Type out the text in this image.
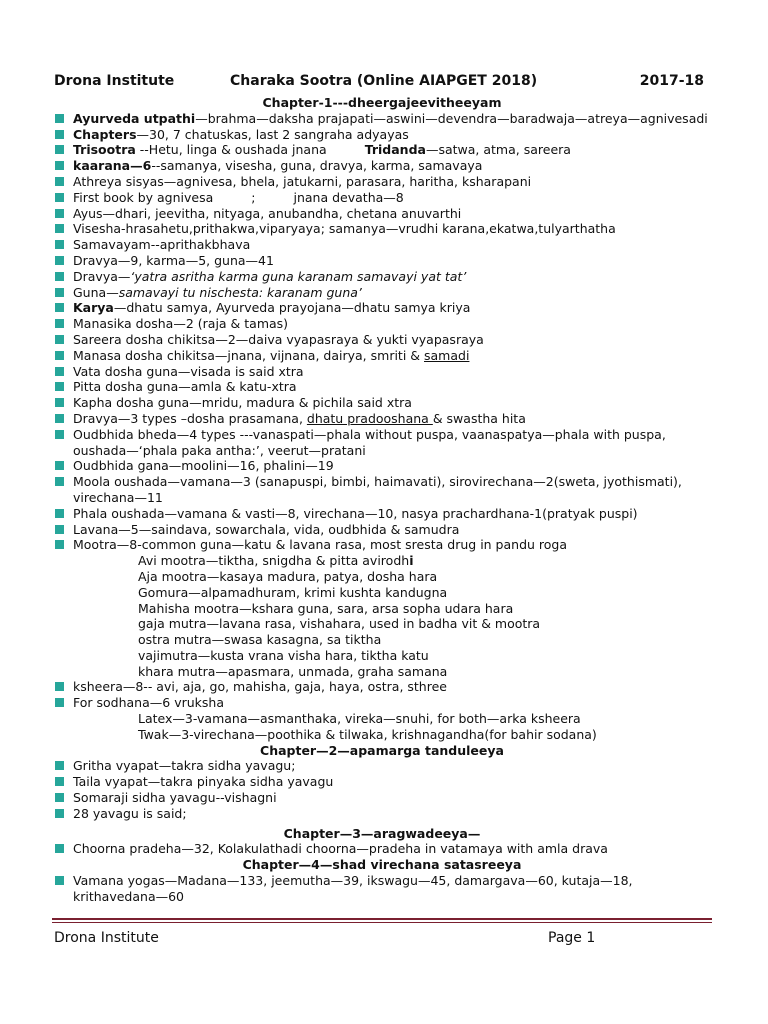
Drona Institute	Charaka Sootra (Online AIAPGET 2018)	2017-18
Chapter-1---dheergajeevitheeyam
Ayurveda utpathi—brahma—daksha prajapati—aswini—devendra—baradwaja—atreya—agnivesadi
Chapters—30, 7 chatuskas, last 2 sangraha adyayas
Trisootra --Hetu, linga & oushada jnana	Tridanda—satwa, atma, sareera
kaarana—6--samanya, visesha, guna, dravya, karma, samavaya
Athreya sisyas—agnivesa, bhela, jatukarni, parasara, haritha, ksharapani
First book by agnivesa	;	jnana devatha—8
Ayus—dhari, jeevitha, nityaga, anubandha, chetana anuvarthi
Visesha-hrasahetu,prithakwa,viparyaya; samanya—vrudhi karana,ekatwa,tulyarthatha
Samavayam--aprithakbhava
Dravya—9, karma—5, guna—41
Dravya—‘yatra asritha karma guna karanam samavayi yat tat’
Guna—samavayi tu nischesta: karanam guna’
Karya—dhatu samya, Ayurveda prayojana—dhatu samya kriya
Manasika dosha—2 (raja & tamas)
Sareera dosha chikitsa—2—daiva vyapasraya & yukti vyapasraya
Manasa dosha chikitsa—jnana, vijnana, dairya, smriti & samadi
Vata dosha guna—visada is said xtra
Pitta dosha guna—amla & katu-xtra
Kapha dosha guna—mridu, madura & pichila said xtra
Dravya—3 types –dosha prasamana, dhatu pradooshana & swastha hita
Oudbhida bheda—4 types ---vanaspati—phala without puspa, vaanaspatya—phala with puspa, oushada—‘phala paka antha:’, veerut—pratani
Oudbhida gana—moolini—16, phalini—19
Moola oushada—vamana—3 (sanapuspi, bimbi, haimavati), sirovirechana—2(sweta, jyothismati), virechana—11
Phala oushada—vamana & vasti—8, virechana—10, nasya prachardhana-1(pratyak puspi)
Lavana—5—saindava, sowarchala, vida, oudbhida & samudra
Mootra—8-common guna—katu & lavana rasa, most sresta drug in pandu roga
Avi mootra—tiktha, snigdha & pitta avirodhi
Aja mootra—kasaya madura, patya, dosha hara
Gomura—alpamadhuram, krimi kushta kandugna
Mahisha mootra—kshara guna, sara, arsa sopha udara hara
gaja mutra—lavana rasa, vishahara, used in badha vit & mootra
ostra mutra—swasa kasagna, sa tiktha
vajimutra—kusta vrana visha hara, tiktha katu
khara mutra—apasmara, unmada, graha samana
ksheera—8-- avi, aja, go, mahisha, gaja, haya, ostra, sthree
For sodhana—6 vruksha
Latex—3-vamana—asmanthaka, vireka—snuhi, for both—arka ksheera
Twak—3-virechana—poothika & tilwaka, krishnagandha(for bahir sodana)
Chapter—2—apamarga tanduleeya
Gritha vyapat—takra sidha yavagu;
Taila vyapat—takra pinyaka sidha yavagu
Somaraji sidha yavagu--vishagni
28 yavagu is said;
Chapter—3—aragwadeeya—
Choorna pradeha—32, Kolakulathadi choorna—pradeha in vatamaya with amla drava
Chapter—4—shad virechana satasreeya
Vamana yogas—Madana—133, jeemutha—39, ikswagu—45, damargava—60, kutaja—18, krithavedana—60
Drona Institute	Page 1
